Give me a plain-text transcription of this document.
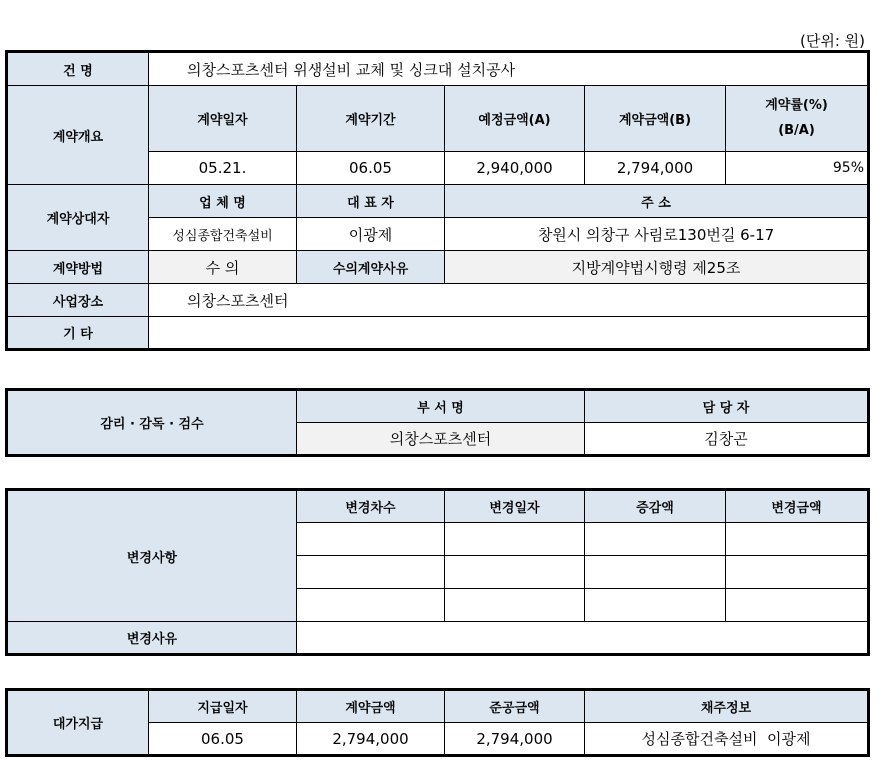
(단위: 원)
건 명	의창스포츠센터 위생설비 교체 및 싱크대 설치공사				
계약개요	계약일자	계약기간	예정금액(A)	계약금액(B)	계약률(%)
(B/A)

	05.21.	06.05	2,940,000	2,794,000	95%
계약상대자	업 체 명	대 표 자	주 소		
	성심종합건축설비	이광제	창원시 의창구 사림로130번길 6-17		
계약방법	수 의	수의계약사유	지방계약법시행령 제25조		
사업장소	의창스포츠센터				
기 타					
감리 · 감독 · 검수	부 서 명	담 당 자
	의창스포츠센터	김창곤
변경사항	변경차수	변경일자	증감액	변경금액

변경사유				
대가지급	지급일자	계약금액	준공금액	채주정보
	06.05	2,794,000	2,794,000	성심종합건축설비  이광제
